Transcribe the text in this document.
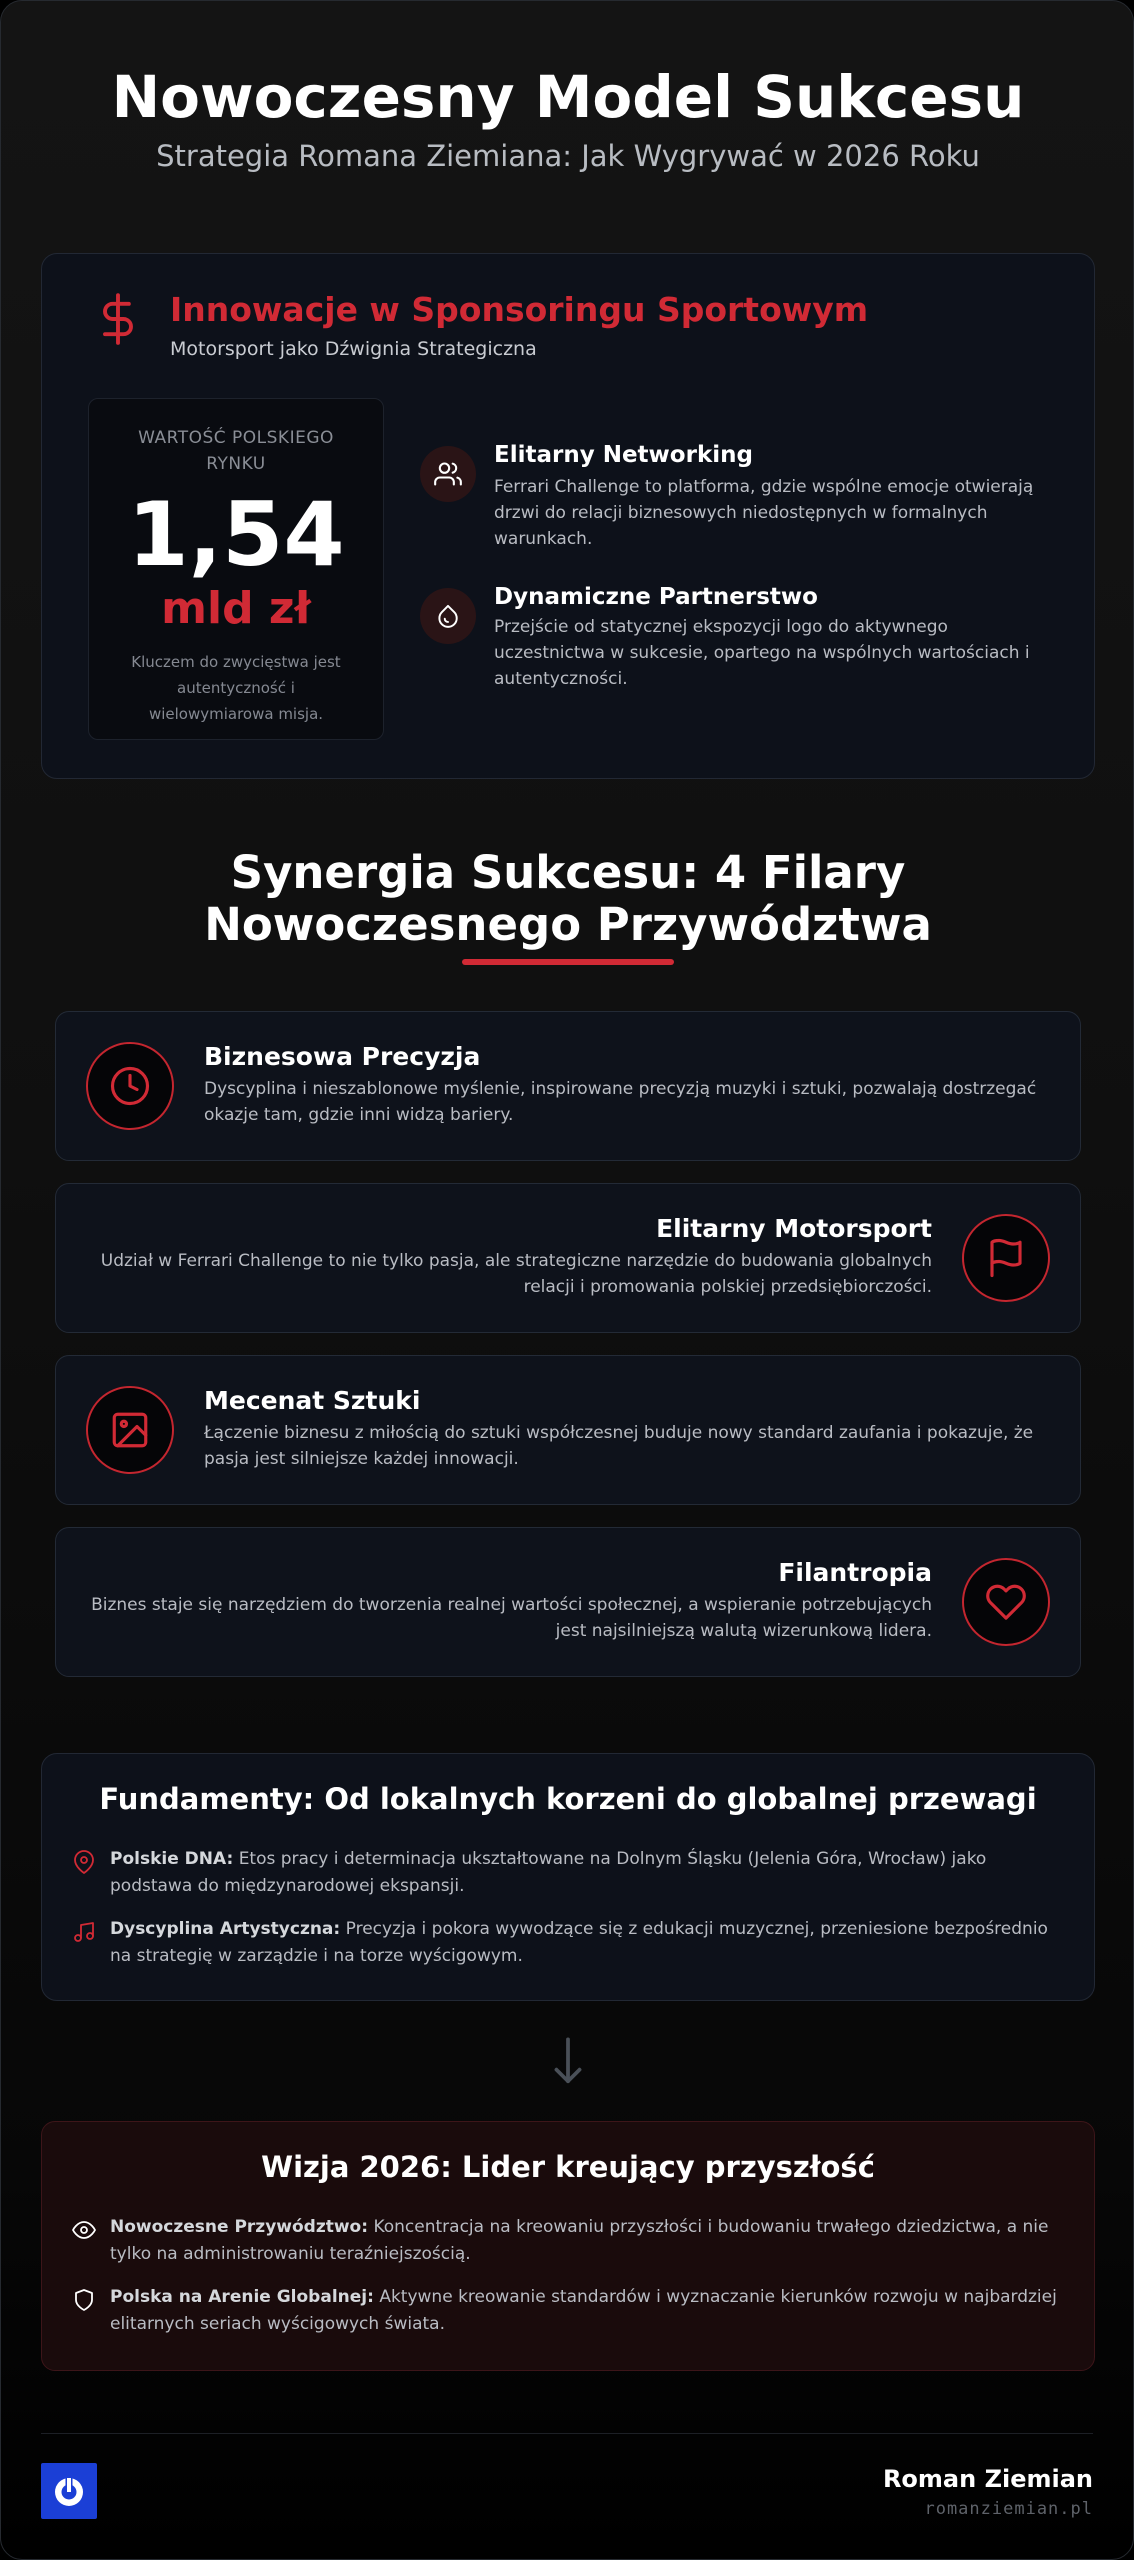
Nowoczesny Model Sukcesu
Strategia Romana Ziemiana: Jak Wygrywać w 2026 Roku
Innowacje w Sponsoringu Sportowym
Motorsport jako Dźwignia Strategiczna
WARTOŚĆ POLSKIEGO RYNKU
1,54
mld zł
Kluczem do zwycięstwa jest autentyczność i wielowymiarowa misja.
Elitarny Networking
Ferrari Challenge to platforma, gdzie wspólne emocje otwierają drzwi do relacji biznesowych niedostępnych w formalnych warunkach.
Dynamiczne Partnerstwo
Przejście od statycznej ekspozycji logo do aktywnego uczestnictwa w sukcesie, opartego na wspólnych wartościach i autentyczności.
Synergia Sukcesu: 4 Filary
Nowoczesnego Przywództwa
Biznesowa Precyzja
Dyscyplina i nieszablonowe myślenie, inspirowane precyzją muzyki i sztuki, pozwalają dostrzegać okazje tam, gdzie inni widzą bariery.
Elitarny Motorsport
Udział w Ferrari Challenge to nie tylko pasja, ale strategiczne narzędzie do budowania globalnych relacji i promowania polskiej przedsiębiorczości.
Mecenat Sztuki
Łączenie biznesu z miłością do sztuki współczesnej buduje nowy standard zaufania i pokazuje, że pasja jest silniejsze każdej innowacji.
Filantropia
Biznes staje się narzędziem do tworzenia realnej wartości społecznej, a wspieranie potrzebujących jest najsilniejszą walutą wizerunkową lidera.
Fundamenty: Od lokalnych korzeni do globalnej przewagi
Polskie DNA: Etos pracy i determinacja ukształtowane na Dolnym Śląsku (Jelenia Góra, Wrocław) jako podstawa do międzynarodowej ekspansji.
Dyscyplina Artystyczna: Precyzja i pokora wywodzące się z edukacji muzycznej, przeniesione bezpośrednio na strategię w zarządzie i na torze wyścigowym.
Wizja 2026: Lider kreujący przyszłość
Nowoczesne Przywództwo: Koncentracja na kreowaniu przyszłości i budowaniu trwałego dziedzictwa, a nie tylko na administrowaniu teraźniejszością.
Polska na Arenie Globalnej: Aktywne kreowanie standardów i wyznaczanie kierunków rozwoju w najbardziej elitarnych seriach wyścigowych świata.
Roman Ziemian
romanziemian.pl
